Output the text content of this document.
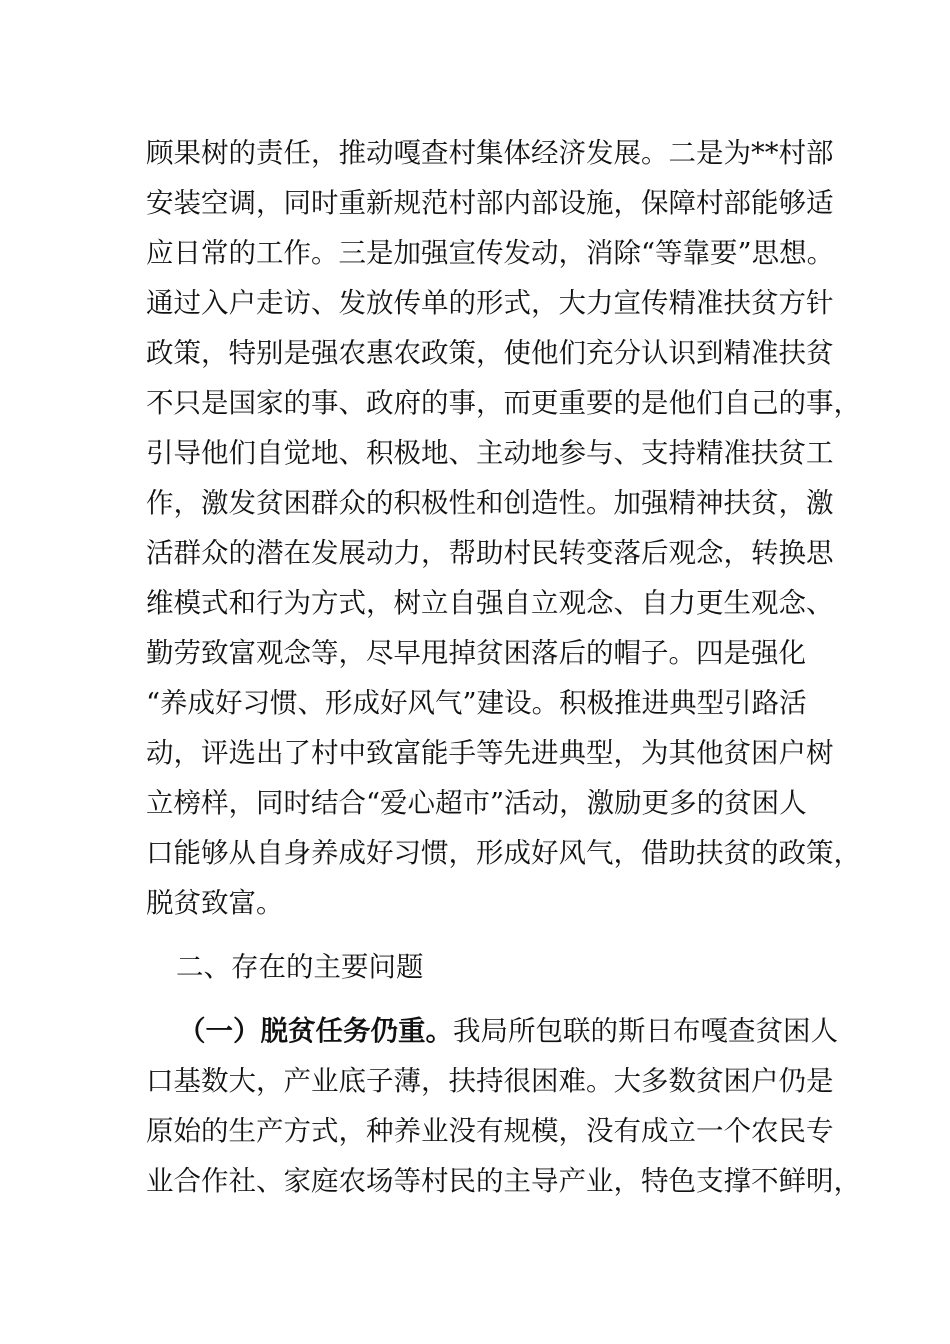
顾果树的责任，推动嘎查村集体经济发展。二是为**村部
安装空调，同时重新规范村部内部设施，保障村部能够适
应日常的工作。三是加强宣传发动，消除“等靠要”思想。
通过入户走访、发放传单的形式，大力宣传精准扶贫方针
政策，特别是强农惠农政策，使他们充分认识到精准扶贫
不只是国家的事、政府的事，而更重要的是他们自己的事，
引导他们自觉地、积极地、主动地参与、支持精准扶贫工
作，激发贫困群众的积极性和创造性。加强精神扶贫，激
活群众的潜在发展动力，帮助村民转变落后观念，转换思
维模式和行为方式，树立自强自立观念、自力更生观念、
勤劳致富观念等，尽早甩掉贫困落后的帽子。四是强化
“养成好习惯、形成好风气”建设。积极推进典型引路活
动，评选出了村中致富能手等先进典型，为其他贫困户树
立榜样，同时结合“爱心超市”活动，激励更多的贫困人
口能够从自身养成好习惯，形成好风气，借助扶贫的政策，
脱贫致富。
二、存在的主要问题
（一）脱贫任务仍重。我局所包联的斯日布嘎查贫困人
口基数大，产业底子薄，扶持很困难。大多数贫困户仍是
原始的生产方式，种养业没有规模，没有成立一个农民专
业合作社、家庭农场等村民的主导产业，特色支撑不鲜明，
